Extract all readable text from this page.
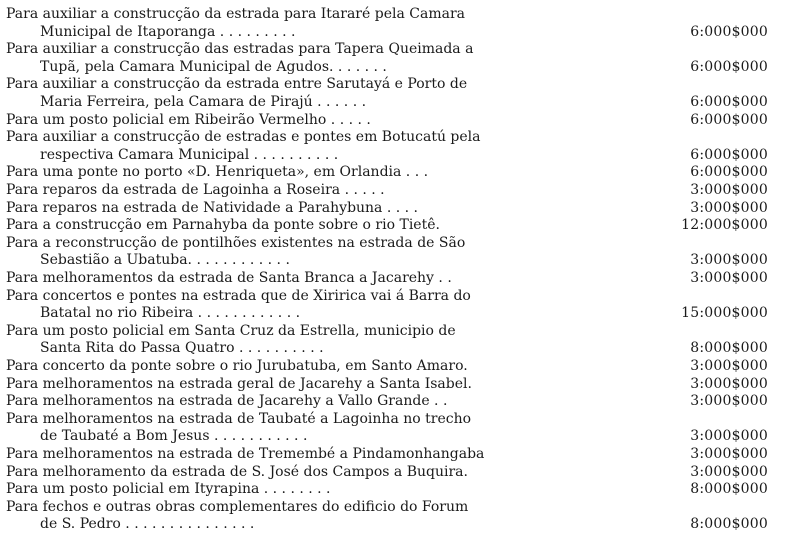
Para auxiliar a construcção da estrada para Itararé pela Camara
Municipal de Itaporanga . . . . . . . . .	6:000$000
Para auxiliar a construcção das estradas para Tapera Queimada a
Tupã, pela Camara Municipal de Agudos. . . . . . .	6:000$000
Para auxiliar a construcção da estrada entre Sarutayá e Porto de
Maria Ferreira, pela Camara de Pirajú . . . . . .	6:000$000
Para um posto policial em Ribeirão Vermelho . . . . .	6:000$000
Para auxiliar a construcção de estradas e pontes em Botucatú pela
respectiva Camara Municipal . . . . . . . . . .	6:000$000
Para uma ponte no porto «D. Henriqueta», em Orlandia . . .	6:000$000
Para reparos da estrada de Lagoinha a Roseira . . . . .	3:000$000
Para reparos na estrada de Natividade a Parahybuna . . . .	3:000$000
Para a construcção em Parnahyba da ponte sobre o rio Tietê.	12:000$000
Para a reconstrucção de pontilhões existentes na estrada de São
Sebastião a Ubatuba. . . . . . . . . . . .	3:000$000
Para melhoramentos da estrada de Santa Branca a Jacarehy . .	3:000$000
Para concertos e pontes na estrada que de Xiririca vai á Barra do
Batatal no rio Ribeira . . . . . . . . . . . .	15:000$000
Para um posto policial em Santa Cruz da Estrella, municipio de
Santa Rita do Passa Quatro . . . . . . . . . .	8:000$000
Para concerto da ponte sobre o rio Jurubatuba, em Santo Amaro.	3:000$000
Para melhoramentos na estrada geral de Jacarehy a Santa Isabel.	3:000$000
Para melhoramentos na estrada de Jacarehy a Vallo Grande . .	3:000$000
Para melhoramentos na estrada de Taubaté a Lagoinha no trecho
de Taubaté a Bom Jesus . . . . . . . . . . .	3:000$000
Para melhoramentos na estrada de Tremembé a Pindamonhangaba	3:000$000
Para melhoramento da estrada de S. José dos Campos a Buquira.	3:000$000
Para um posto policial em Ityrapina . . . . . . . .	8:000$000
Para fechos e outras obras complementares do edificio do Forum
de S. Pedro . . . . . . . . . . . . . . .	8:000$000
